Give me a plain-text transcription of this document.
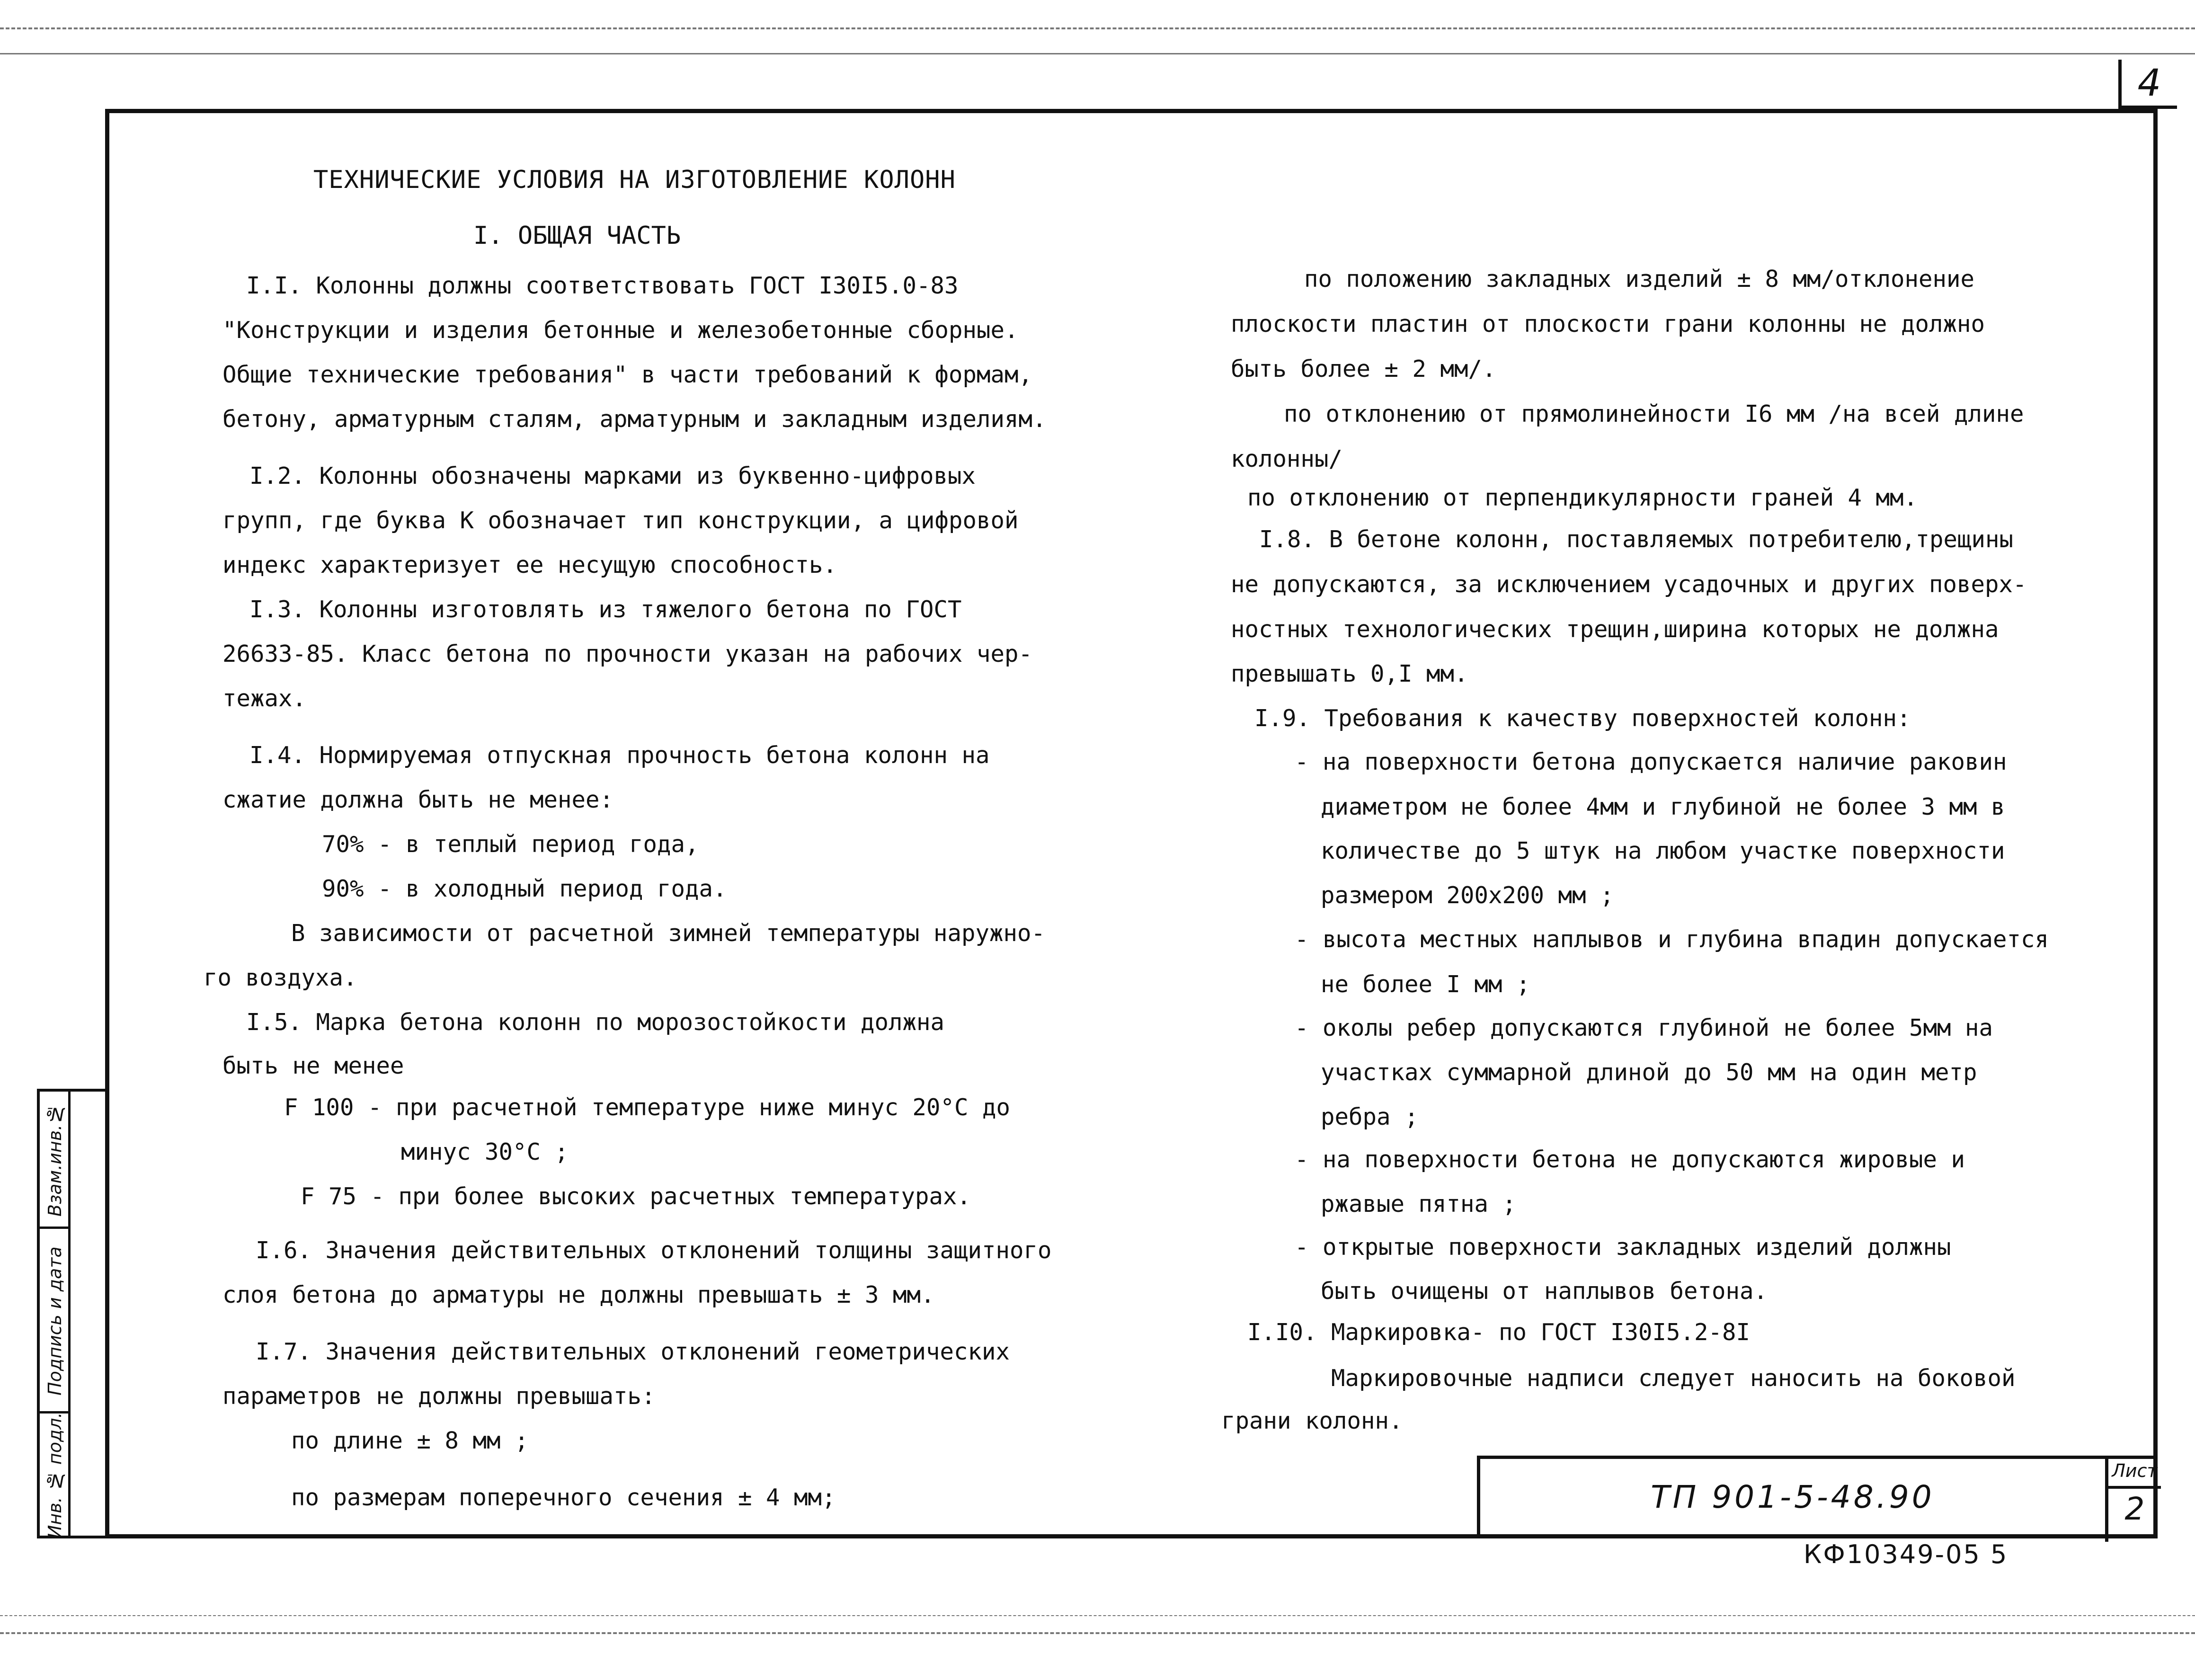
4
Взам.инв.№
Подпись и дата
Инв. № подл.
ТЕХНИЧЕСКИЕ УСЛОВИЯ НА ИЗГОТОВЛЕНИЕ КОЛОНН
I. ОБЩАЯ ЧАСТЬ
I.I. Колонны должны соответствовать ГОСТ I30I5.0-83
"Конструкции и изделия бетонные и железобетонные сборные.
Общие технические требования" в части требований к формам,
бетону, арматурным сталям, арматурным и закладным изделиям.
I.2. Колонны обозначены марками из буквенно-цифровых
групп, где буква К обозначает тип конструкции, а цифровой
индекс характеризует ее несущую способность.
I.3. Колонны изготовлять из тяжелого бетона по ГОСТ
26633-85. Класс бетона по прочности указан на рабочих чер-
тежах.
I.4. Нормируемая отпускная прочность бетона колонн на
сжатие должна быть не менее:
70% - в теплый период года,
90% - в холодный период года.
В зависимости от расчетной зимней температуры наружно-
го воздуха.
I.5. Марка бетона колонн по морозостойкости должна
быть не менее
F 100 - при расчетной температуре ниже минус 20°С до
минус 30°С ;
F 75 - при более высоких расчетных температурах.
I.6. Значения действительных отклонений толщины защитного
слоя бетона до арматуры не должны превышать ± 3 мм.
I.7. Значения действительных отклонений геометрических
параметров не должны превышать:
по длине ± 8 мм ;
по размерам поперечного сечения ± 4 мм;
по положению закладных изделий ± 8 мм/отклонение
плоскости пластин от плоскости грани колонны не должно
быть более ± 2 мм/.
по отклонению от прямолинейности I6 мм /на всей длине
колонны/
по отклонению от перпендикулярности граней 4 мм.
I.8. В бетоне колонн, поставляемых потребителю,трещины
не допускаются, за исключением усадочных и других поверх-
ностных технологических трещин,ширина которых не должна
превышать 0,I мм.
I.9. Требования к качеству поверхностей колонн:
- на поверхности бетона допускается наличие раковин
диаметром не более 4мм и глубиной не более 3 мм в
количестве до 5 штук на любом участке поверхности
размером 200х200 мм ;
- высота местных наплывов и глубина впадин допускается
не более I мм ;
- околы ребер допускаются глубиной не более 5мм на
участках суммарной длиной до 50 мм на один метр
ребра ;
- на поверхности бетона не допускаются жировые и
ржавые пятна ;
- открытые поверхности закладных изделий должны
быть очищены от наплывов бетона.
I.I0. Маркировка- по ГОСТ I30I5.2-8I
Маркировочные надписи следует наносить на боковой
грани колонн.
ТП 901-5-48.90
Лист
2
КФ10349-05 5
